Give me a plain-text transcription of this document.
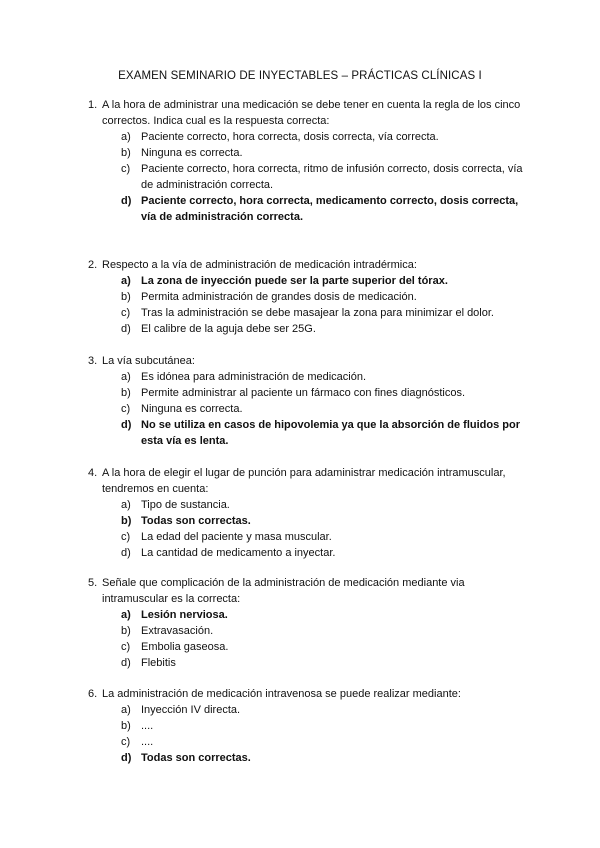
EXAMEN SEMINARIO DE INYECTABLES – PRÁCTICAS CLÍNICAS I
1. A la hora de administrar una medicación se debe tener en cuenta la regla de los cinco correctos. Indica cual es la respuesta correcta:
a) Paciente correcto, hora correcta, dosis correcta, vía correcta.
b) Ninguna es correcta.
c) Paciente correcto, hora correcta, ritmo de infusión correcto, dosis correcta, vía de administración correcta.
d) Paciente correcto, hora correcta, medicamento correcto, dosis correcta, vía de administración correcta.
2. Respecto a la vía de administración de medicación intradérmica:
a) La zona de inyección puede ser la parte superior del tórax.
b) Permita administración de grandes dosis de medicación.
c) Tras la administración se debe masajear la zona para minimizar el dolor.
d) El calibre de la aguja debe ser 25G.
3. La vía subcutánea:
a) Es idónea para administración de medicación.
b) Permite administrar al paciente un fármaco con fines diagnósticos.
c) Ninguna es correcta.
d) No se utiliza en casos de hipovolemia ya que la absorción de fluidos por esta vía es lenta.
4. A la hora de elegir el lugar de punción para adaministrar medicación intramuscular, tendremos en cuenta:
a) Tipo de sustancia.
b) Todas son correctas.
c) La edad del paciente y masa muscular.
d) La cantidad de medicamento a inyectar.
5. Señale que complicación de la administración de medicación mediante via intramuscular es la correcta:
a) Lesión nerviosa.
b) Extravasación.
c) Embolia gaseosa.
d) Flebitis
6. La administración de medicación intravenosa se puede realizar mediante:
a) Inyección IV directa.
b) ....
c) ....
d) Todas son correctas.
